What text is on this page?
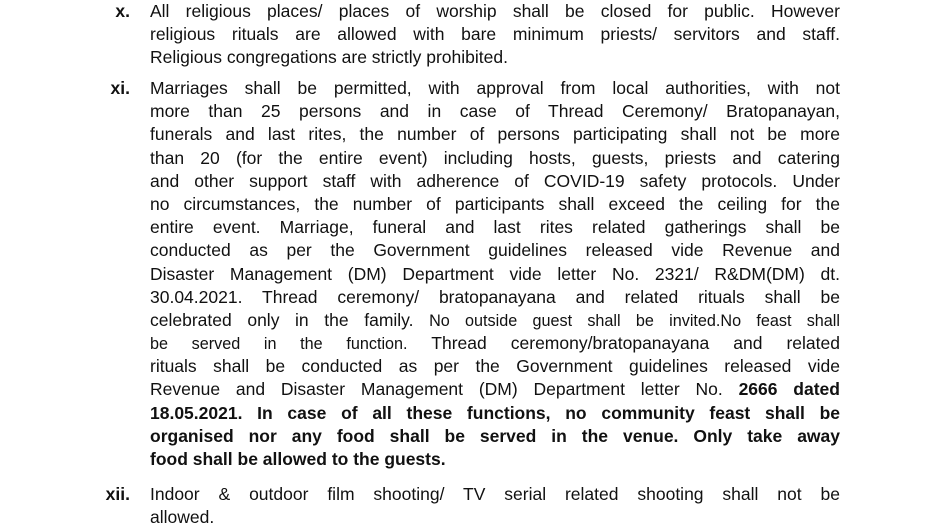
x. All religious places/ places of worship shall be closed for public. However
religious rituals are allowed with bare minimum priests/ servitors and staff.
Religious congregations are strictly prohibited.
xi. Marriages shall be permitted, with approval from local authorities, with not
more than 25 persons and in case of Thread Ceremony/ Bratopanayan,
funerals and last rites, the number of persons participating shall not be more
than 20 (for the entire event) including hosts, guests, priests and catering
and other support staff with adherence of COVID-19 safety protocols. Under
no circumstances, the number of participants shall exceed the ceiling for the
entire event. Marriage, funeral and last rites related gatherings shall be
conducted as per the Government guidelines released vide Revenue and
Disaster Management (DM) Department vide letter No. 2321/ R&DM(DM) dt.
30.04.2021. Thread ceremony/ bratopanayana and related rituals shall be
celebrated only in the family. No outside guest shall be invited.No feast shall
be served in the function. Thread ceremony/bratopanayana and related
rituals shall be conducted as per the Government guidelines released vide
Revenue and Disaster Management (DM) Department letter No. 2666 dated
18.05.2021. In case of all these functions, no community feast shall be
organised nor any food shall be served in the venue. Only take away
food shall be allowed to the guests.
xii. Indoor & outdoor film shooting/ TV serial related shooting shall not be
allowed.
